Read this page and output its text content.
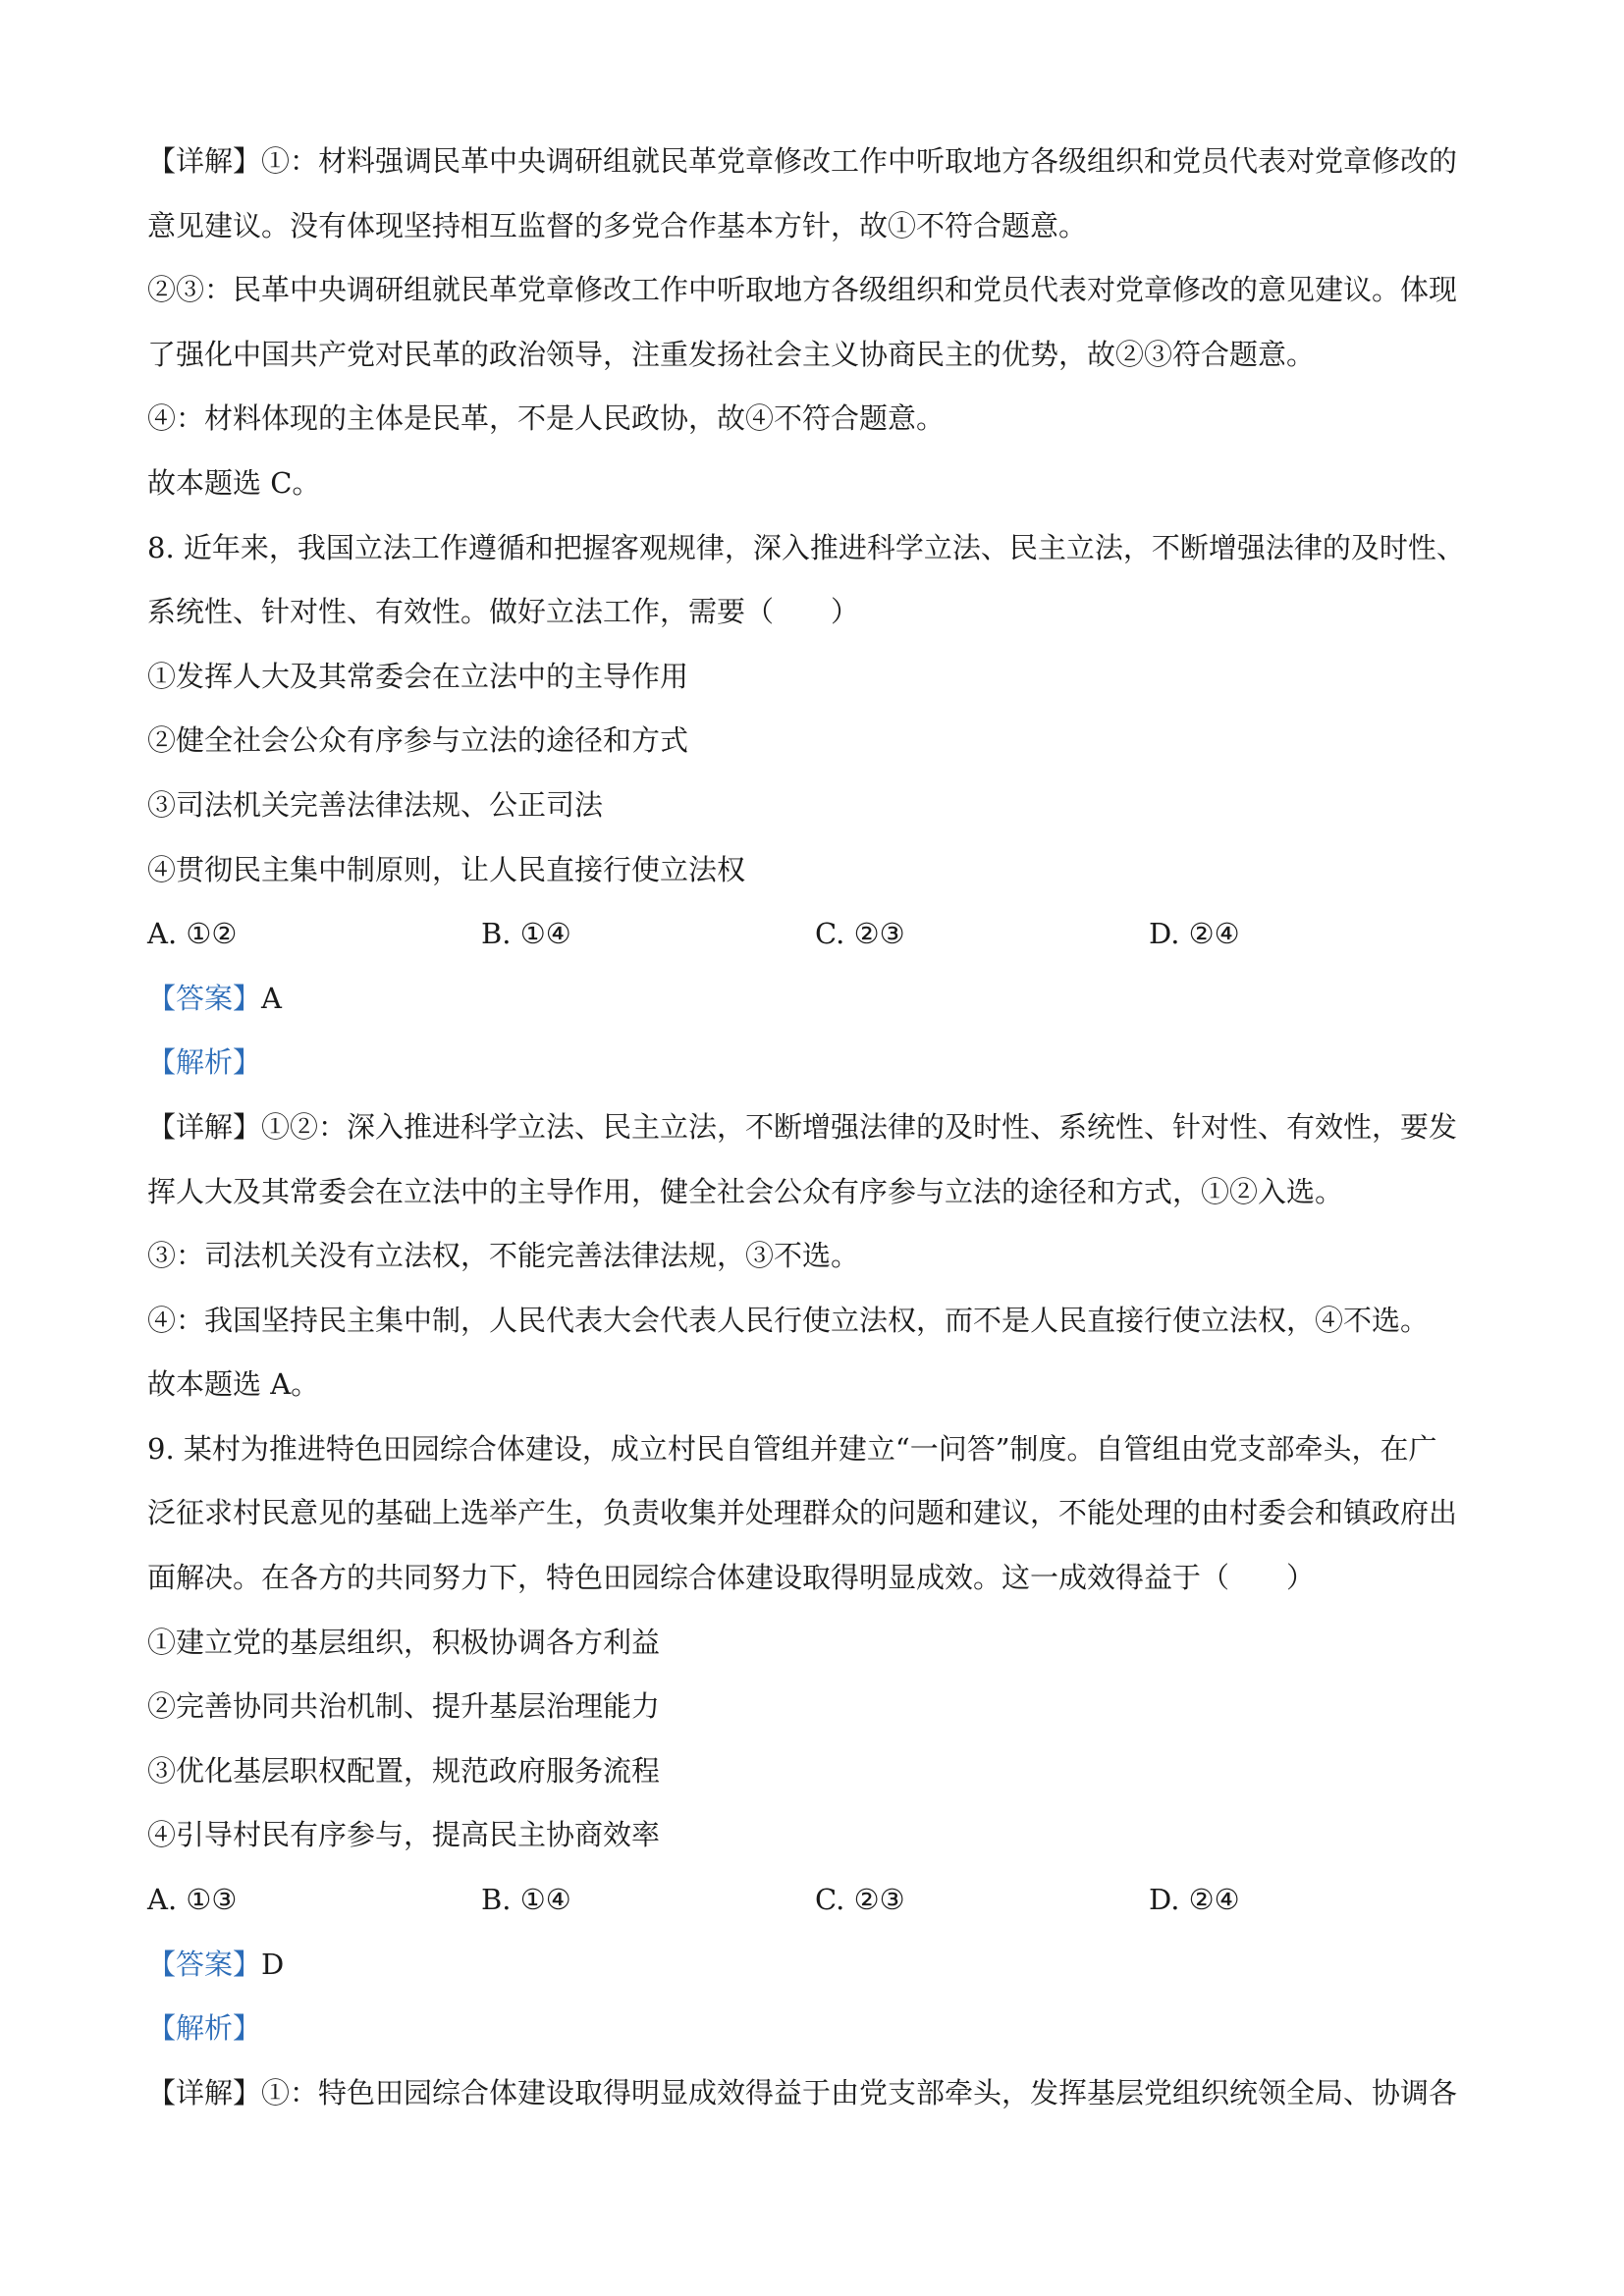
【详解】①：材料强调民革中央调研组就民革党章修改工作中听取地方各级组织和党员代表对党章修改的
意见建议。没有体现坚持相互监督的多党合作基本方针，故①不符合题意。
②③：民革中央调研组就民革党章修改工作中听取地方各级组织和党员代表对党章修改的意见建议。体现
了强化中国共产党对民革的政治领导，注重发扬社会主义协商民主的优势，故②③符合题意。
④：材料体现的主体是民革，不是人民政协，故④不符合题意。
故本题选 C。
8. 近年来，我国立法工作遵循和把握客观规律，深入推进科学立法、民主立法，不断增强法律的及时性、
系统性、针对性、有效性。做好立法工作，需要（　　）
①发挥人大及其常委会在立法中的主导作用
②健全社会公众有序参与立法的途径和方式
③司法机关完善法律法规、公正司法
④贯彻民主集中制原则，让人民直接行使立法权
A. ①②	B. ①④	C. ②③	D. ②④
【答案】A
【解析】
【详解】①②：深入推进科学立法、民主立法，不断增强法律的及时性、系统性、针对性、有效性，要发
挥人大及其常委会在立法中的主导作用，健全社会公众有序参与立法的途径和方式，①②入选。
③：司法机关没有立法权，不能完善法律法规，③不选。
④：我国坚持民主集中制，人民代表大会代表人民行使立法权，而不是人民直接行使立法权，④不选。
故本题选 A。
9. 某村为推进特色田园综合体建设，成立村民自管组并建立“一问答”制度。自管组由党支部牵头，在广
泛征求村民意见的基础上选举产生，负责收集并处理群众的问题和建议，不能处理的由村委会和镇政府出
面解决。在各方的共同努力下，特色田园综合体建设取得明显成效。这一成效得益于（　　）
①建立党的基层组织，积极协调各方利益
②完善协同共治机制、提升基层治理能力
③优化基层职权配置，规范政府服务流程
④引导村民有序参与，提高民主协商效率
A. ①③	B. ①④	C. ②③	D. ②④
【答案】D
【解析】
【详解】①：特色田园综合体建设取得明显成效得益于由党支部牵头，发挥基层党组织统领全局、协调各
